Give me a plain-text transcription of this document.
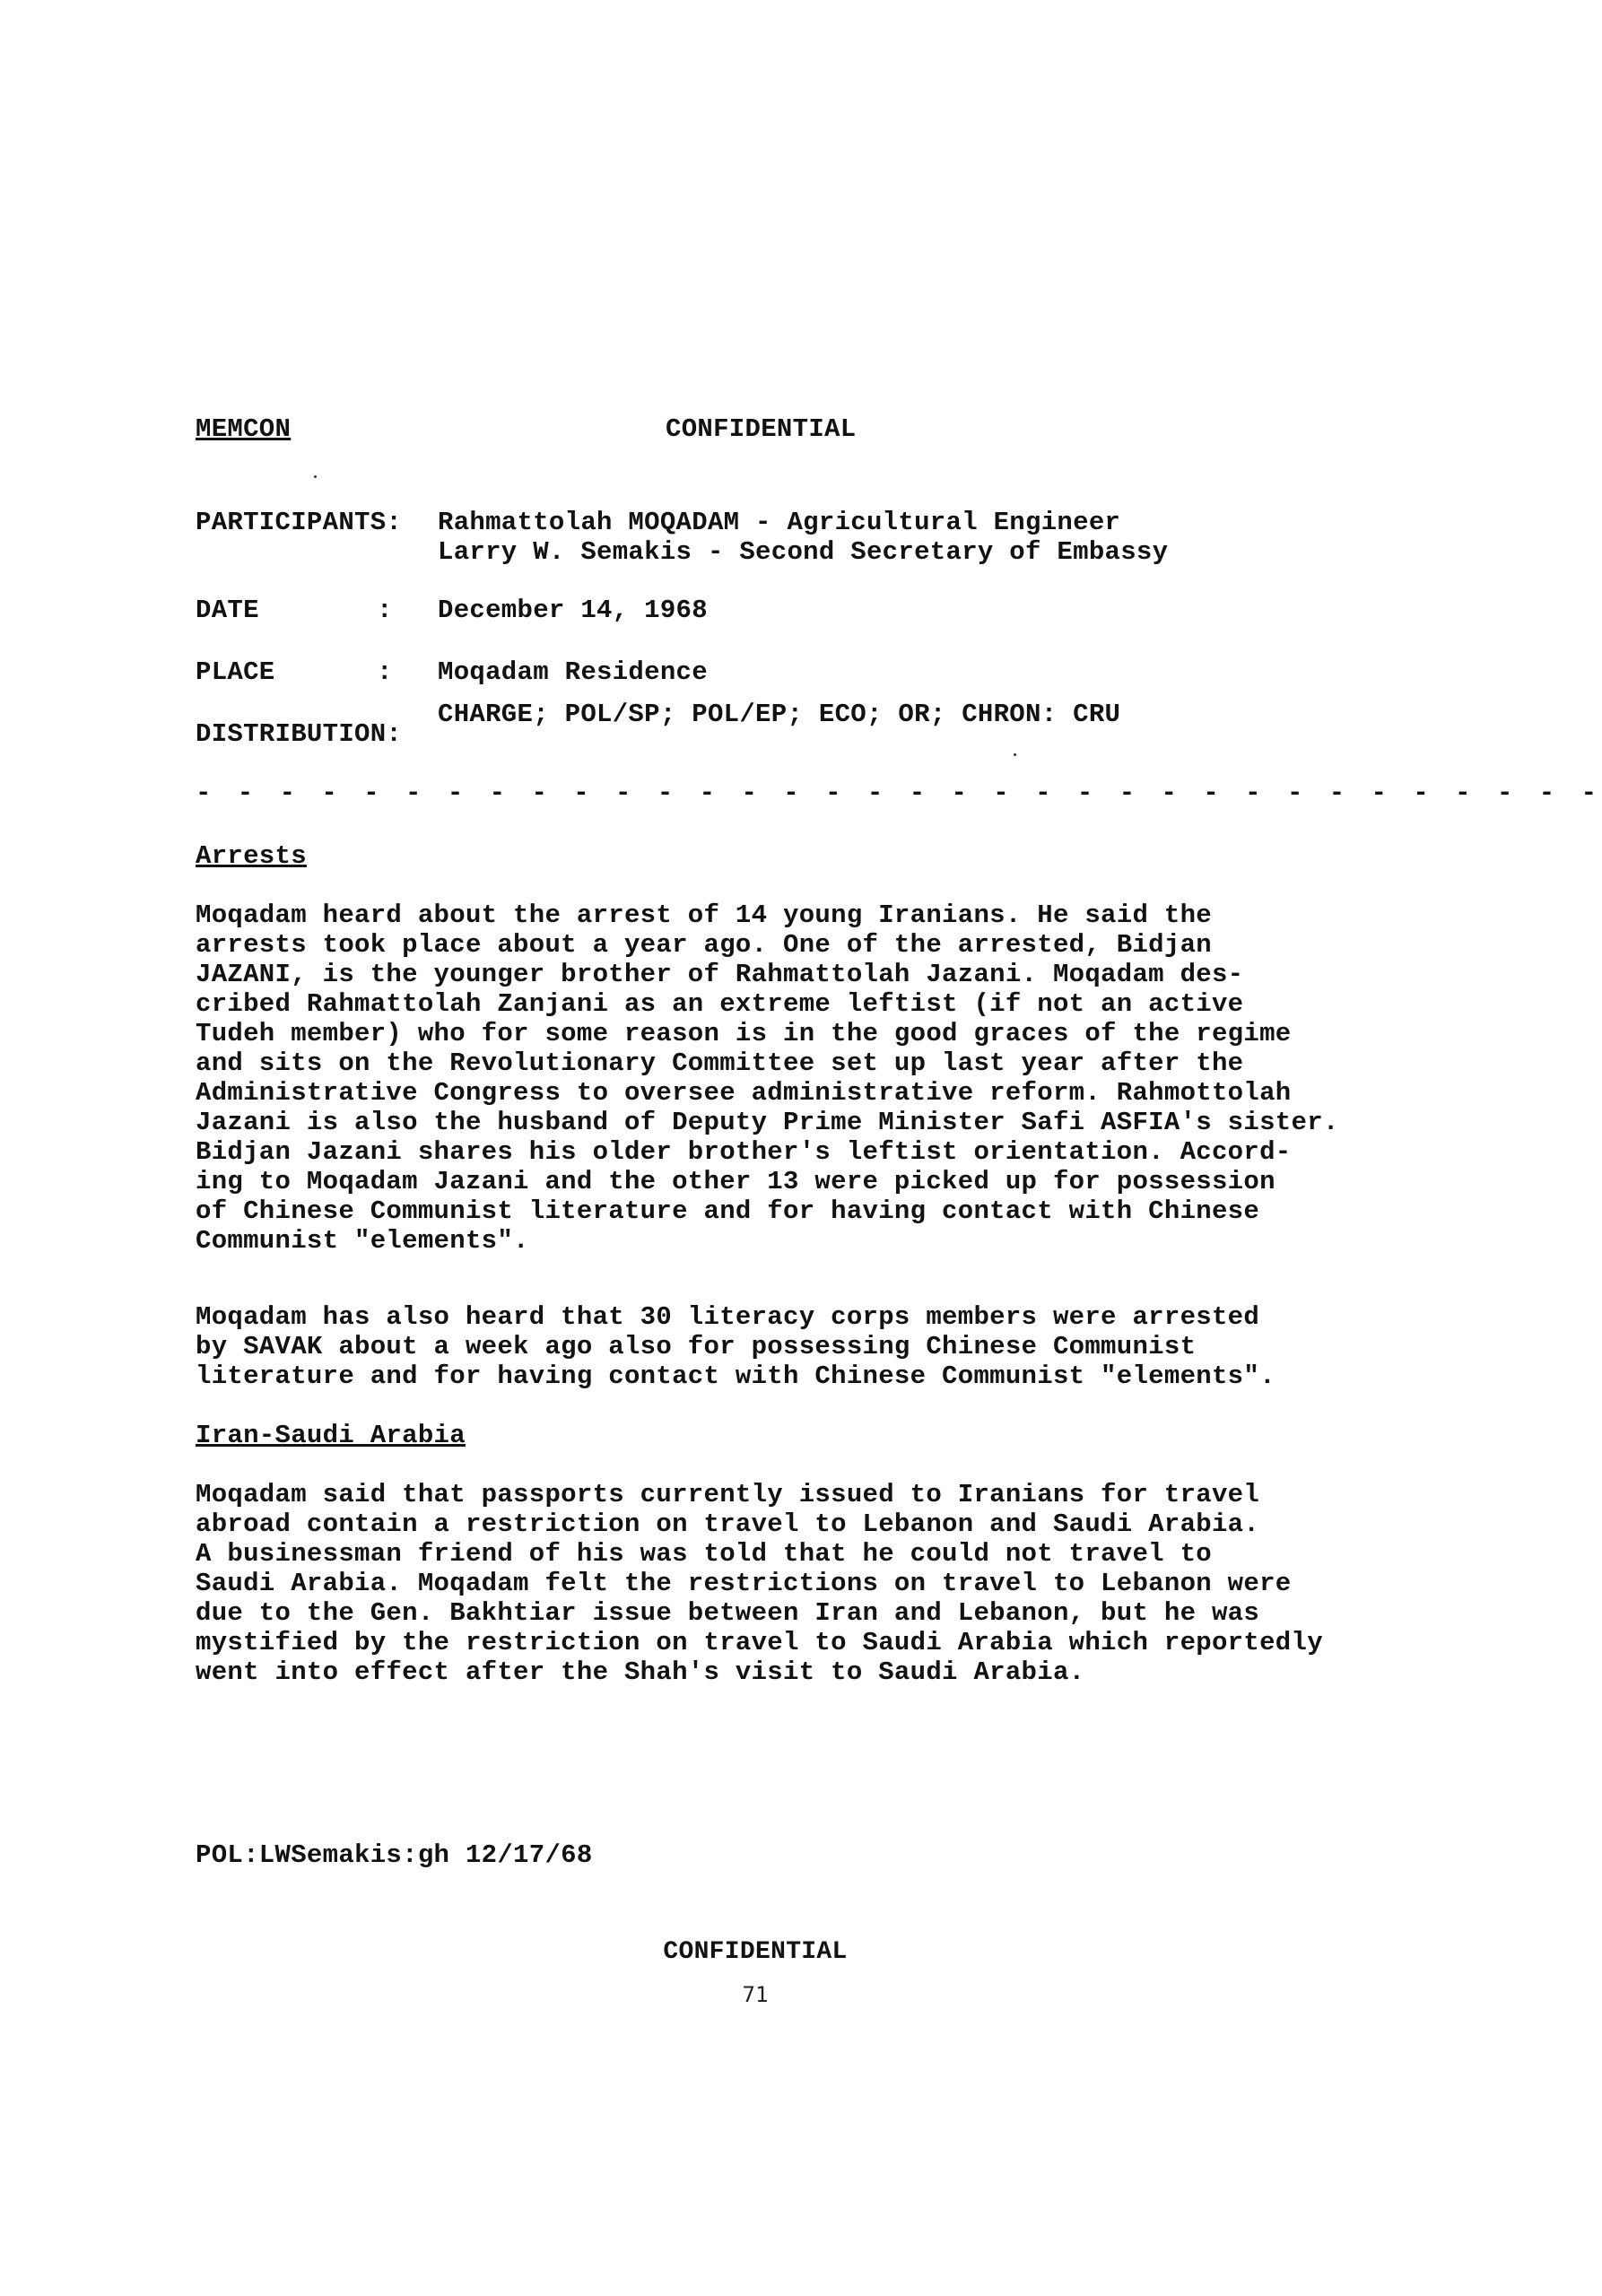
MEMCON	CONFIDENTIAL
PARTICIPANTS: Rahmattolah MOQADAM - Agricultural Engineer
Larry W. Semakis - Second Secretary of Embassy
DATE	: December 14, 1968
PLACE	: Moqadam Residence
DISTRIBUTION:
CHARGE; POL/SP; POL/EP; ECO; OR; CHRON: CRU
- - - - - - - - - - - - - - - - - - - - - - - - - - - - - - - - - -
Arrests
Moqadam heard about the arrest of 14 young Iranians. He said the
arrests took place about a year ago. One of the arrested, Bidjan
JAZANI, is the younger brother of Rahmattolah Jazani. Moqadam des-
cribed Rahmattolah Zanjani as an extreme leftist (if not an active
Tudeh member) who for some reason is in the good graces of the regime
and sits on the Revolutionary Committee set up last year after the
Administrative Congress to oversee administrative reform. Rahmottolah
Jazani is also the husband of Deputy Prime Minister Safi ASFIA's sister.
Bidjan Jazani shares his older brother's leftist orientation. Accord-
ing to Moqadam Jazani and the other 13 were picked up for possession
of Chinese Communist literature and for having contact with Chinese
Communist "elements".
Moqadam has also heard that 30 literacy corps members were arrested
by SAVAK about a week ago also for possessing Chinese Communist
literature and for having contact with Chinese Communist "elements".
Iran-Saudi Arabia
Moqadam said that passports currently issued to Iranians for travel
abroad contain a restriction on travel to Lebanon and Saudi Arabia.
A businessman friend of his was told that he could not travel to
Saudi Arabia. Moqadam felt the restrictions on travel to Lebanon were
due to the Gen. Bakhtiar issue between Iran and Lebanon, but he was
mystified by the restriction on travel to Saudi Arabia which reportedly
went into effect after the Shah's visit to Saudi Arabia.
POL:LWSemakis:gh 12/17/68
CONFIDENTIAL
71
